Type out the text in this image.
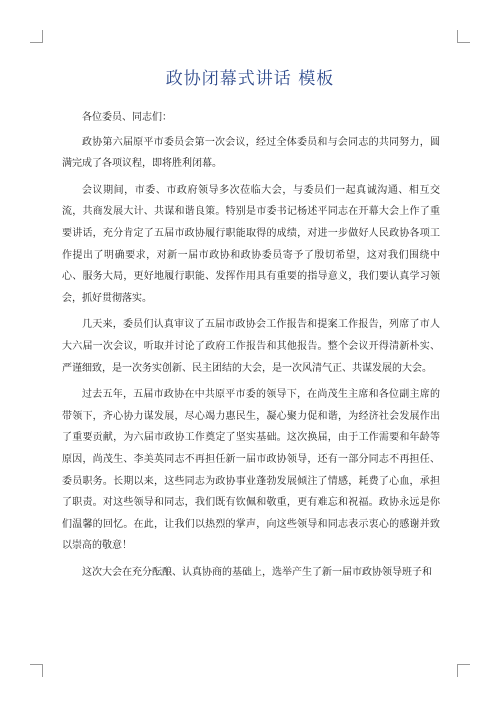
政协闭幕式讲话 模板

各位委员、同志们：

政协第六届原平市委员会第一次会议，经过全体委员和与会同志的共同努力，圆满完成了各项议程，即将胜利闭幕。

会议期间，市委、市政府领导多次莅临大会，与委员们一起真诚沟通、相互交流，共商发展大计、共谋和谐良策。特别是市委书记杨述平同志在开幕大会上作了重要讲话，充分肯定了五届市政协履行职能取得的成绩，对进一步做好人民政协各项工作提出了明确要求，对新一届市政协和政协委员寄予了殷切希望，这对我们围绕中心、服务大局，更好地履行职能、发挥作用具有重要的指导意义，我们要认真学习领会，抓好贯彻落实。

几天来，委员们认真审议了五届市政协会工作报告和提案工作报告，列席了市人大六届一次会议，听取并讨论了政府工作报告和其他报告。整个会议开得清新朴实、严谨细致，是一次务实创新、民主团结的大会，是一次风清气正、共谋发展的大会。

过去五年，五届市政协在中共原平市委的领导下，在尚茂生主席和各位副主席的带领下，齐心协力谋发展，尽心竭力惠民生，凝心聚力促和谐，为经济社会发展作出了重要贡献，为六届市政协工作奠定了坚实基础。这次换届，由于工作需要和年龄等原因，尚茂生、李美英同志不再担任新一届市政协领导，还有一部分同志不再担任、委员职务。长期以来，这些同志为政协事业蓬勃发展倾注了情感，耗费了心血，承担了职责。对这些领导和同志，我们既有钦佩和敬重，更有难忘和祝福。政协永远是你们温馨的回忆。在此，让我们以热烈的掌声，向这些领导和同志表示衷心的感谢并致以崇高的敬意！

这次大会在充分酝酿、认真协商的基础上，选举产生了新一届市政协领导班子和
